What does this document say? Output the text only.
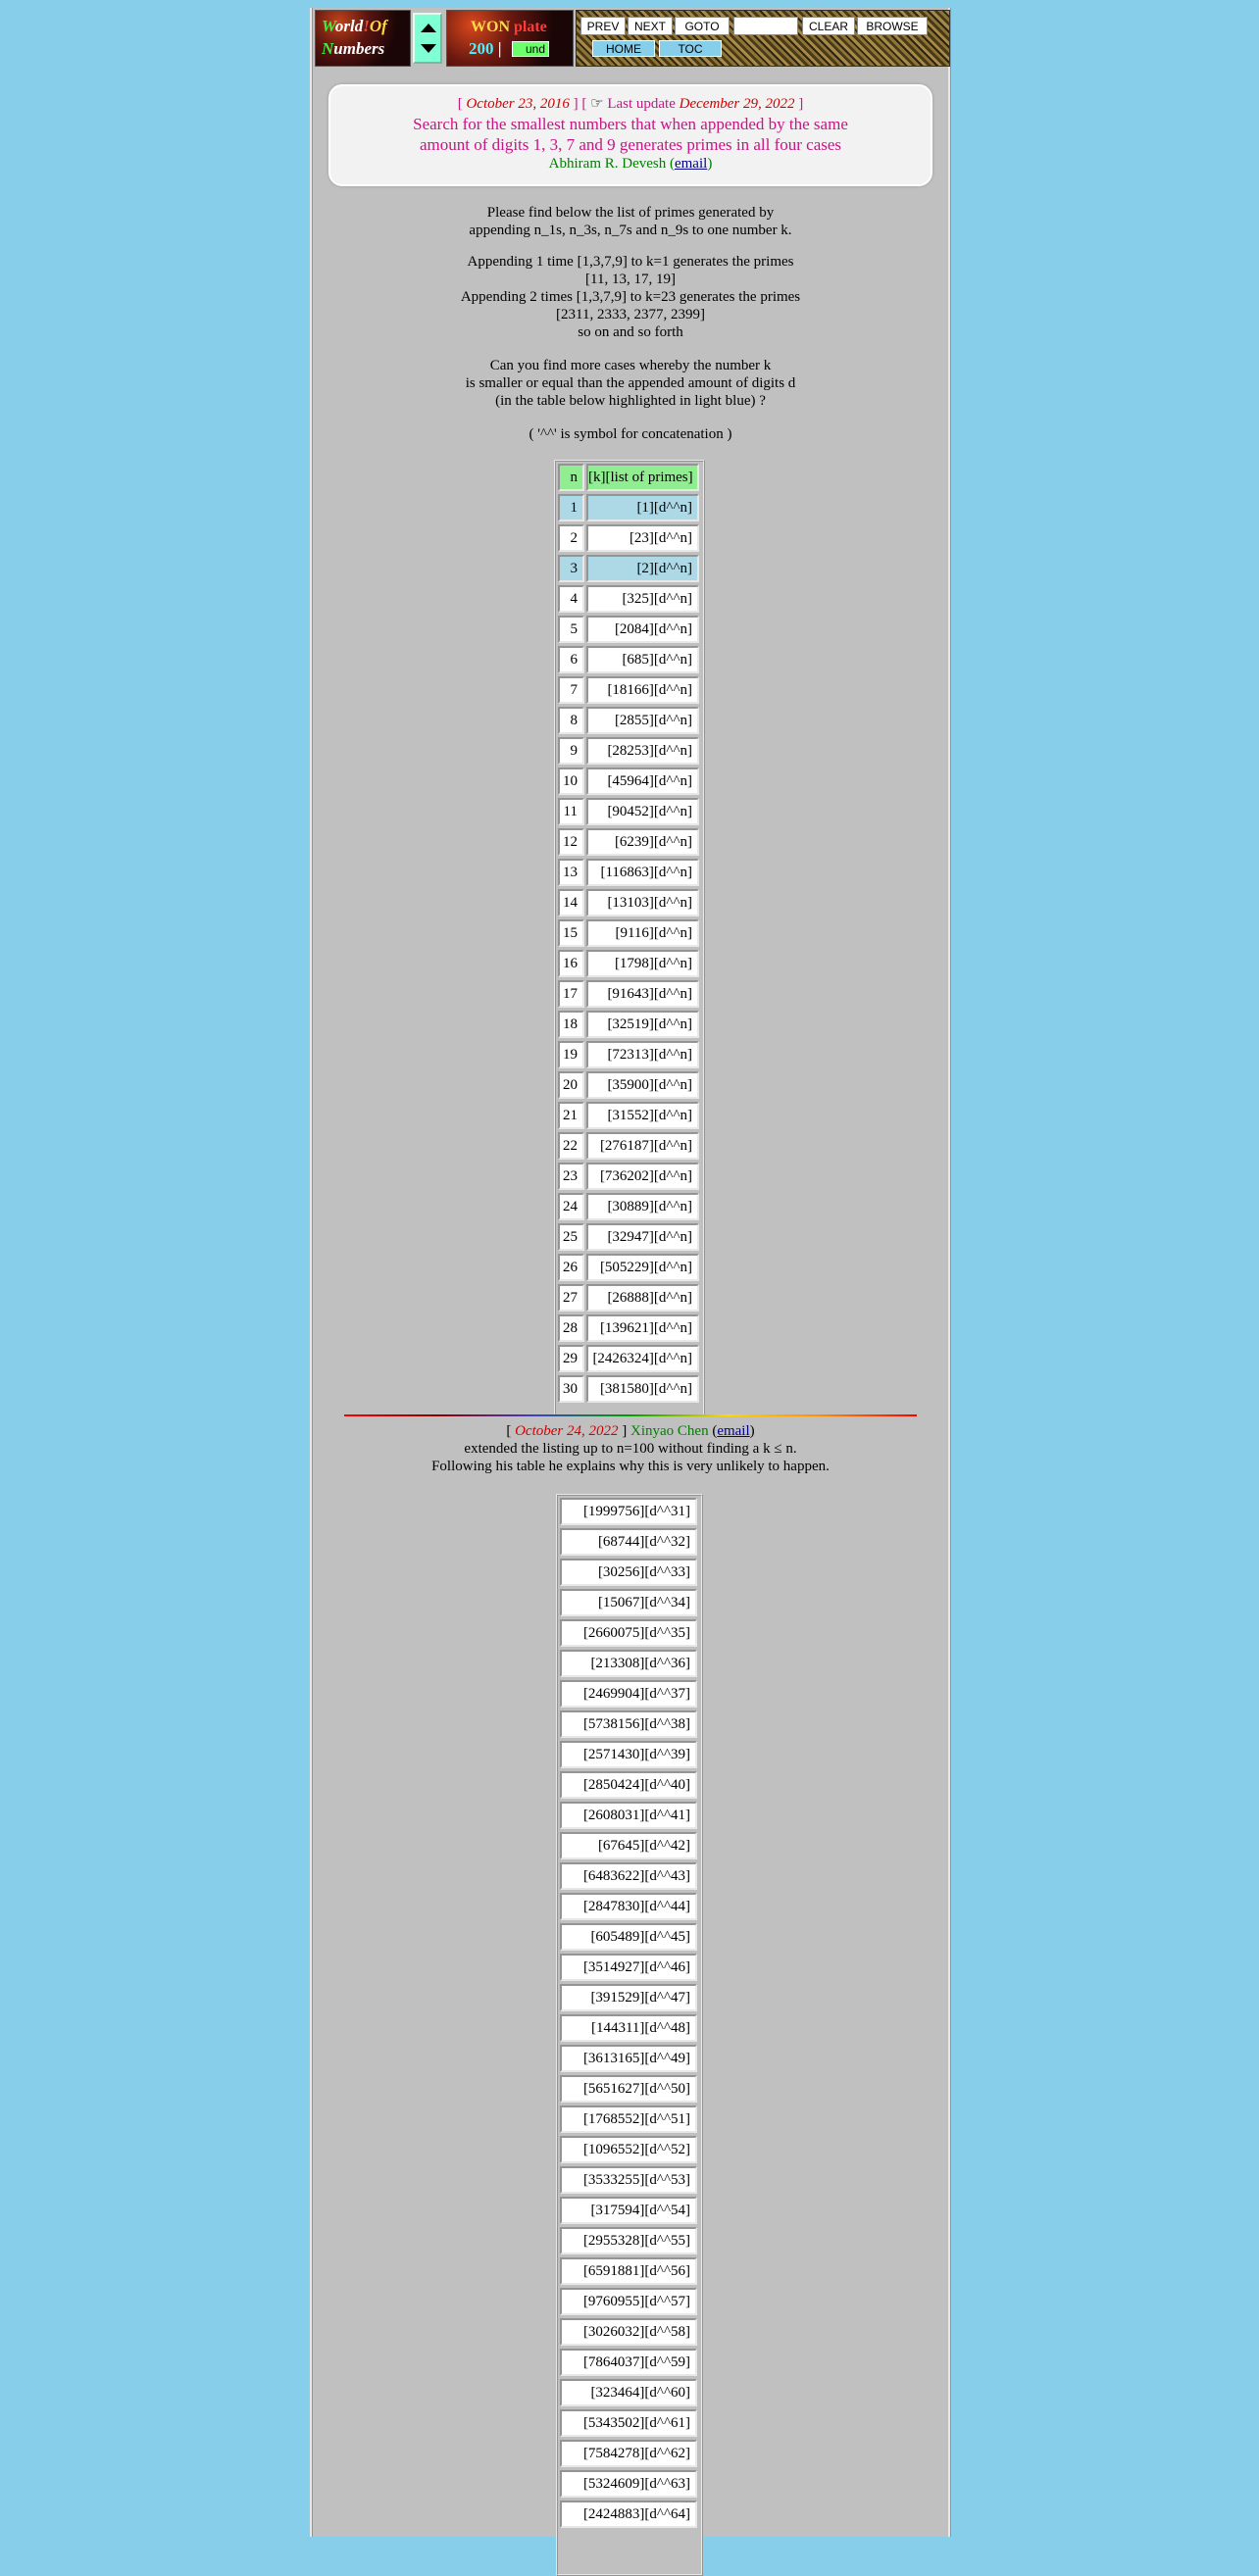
World!Of
Numbers
WON plate
200 |	und
PREV	NEXT	GOTO	CLEAR	BROWSE
HOME	TOC
[ October 23, 2016 ] [ ☞ Last update December 29, 2022 ]
Search for the smallest numbers that when appended by the same
amount of digits 1, 3, 7 and 9 generates primes in all four cases
Abhiram R. Devesh (email)
Please find below the list of primes generated by
appending n_1s, n_3s, n_7s and n_9s to one number k.
Appending 1 time [1,3,7,9] to k=1 generates the primes
[11, 13, 17, 19]
Appending 2 times [1,3,7,9] to k=23 generates the primes
[2311, 2333, 2377, 2399]
so on and so forth
Can you find more cases whereby the number k
is smaller or equal than the appended amount of digits d
(in the table below highlighted in light blue) ?
( '^^' is symbol for concatenation )
n [k][list of primes]
1	[1][d^^n]
2	[23][d^^n]
3	[2][d^^n]
4	[325][d^^n]
5	[2084][d^^n]
6	[685][d^^n]
7	[18166][d^^n]
8	[2855][d^^n]
9	[28253][d^^n]
10	[45964][d^^n]
11	[90452][d^^n]
12	[6239][d^^n]
13	[116863][d^^n]
14	[13103][d^^n]
15	[9116][d^^n]
16	[1798][d^^n]
17	[91643][d^^n]
18	[32519][d^^n]
19	[72313][d^^n]
20	[35900][d^^n]
21	[31552][d^^n]
22	[276187][d^^n]
23	[736202][d^^n]
24	[30889][d^^n]
25	[32947][d^^n]
26	[505229][d^^n]
27	[26888][d^^n]
28	[139621][d^^n]
29	[2426324][d^^n]
30	[381580][d^^n]
[ October 24, 2022 ] Xinyao Chen (email)
extended the listing up to n=100 without finding a k ≤ n.
Following his table he explains why this is very unlikely to happen.
[1999756][d^^31]
[68744][d^^32]
[30256][d^^33]
[15067][d^^34]
[2660075][d^^35]
[213308][d^^36]
[2469904][d^^37]
[5738156][d^^38]
[2571430][d^^39]
[2850424][d^^40]
[2608031][d^^41]
[67645][d^^42]
[6483622][d^^43]
[2847830][d^^44]
[605489][d^^45]
[3514927][d^^46]
[391529][d^^47]
[144311][d^^48]
[3613165][d^^49]
[5651627][d^^50]
[1768552][d^^51]
[1096552][d^^52]
[3533255][d^^53]
[317594][d^^54]
[2955328][d^^55]
[6591881][d^^56]
[9760955][d^^57]
[3026032][d^^58]
[7864037][d^^59]
[323464][d^^60]
[5343502][d^^61]
[7584278][d^^62]
[5324609][d^^63]
[2424883][d^^64]
